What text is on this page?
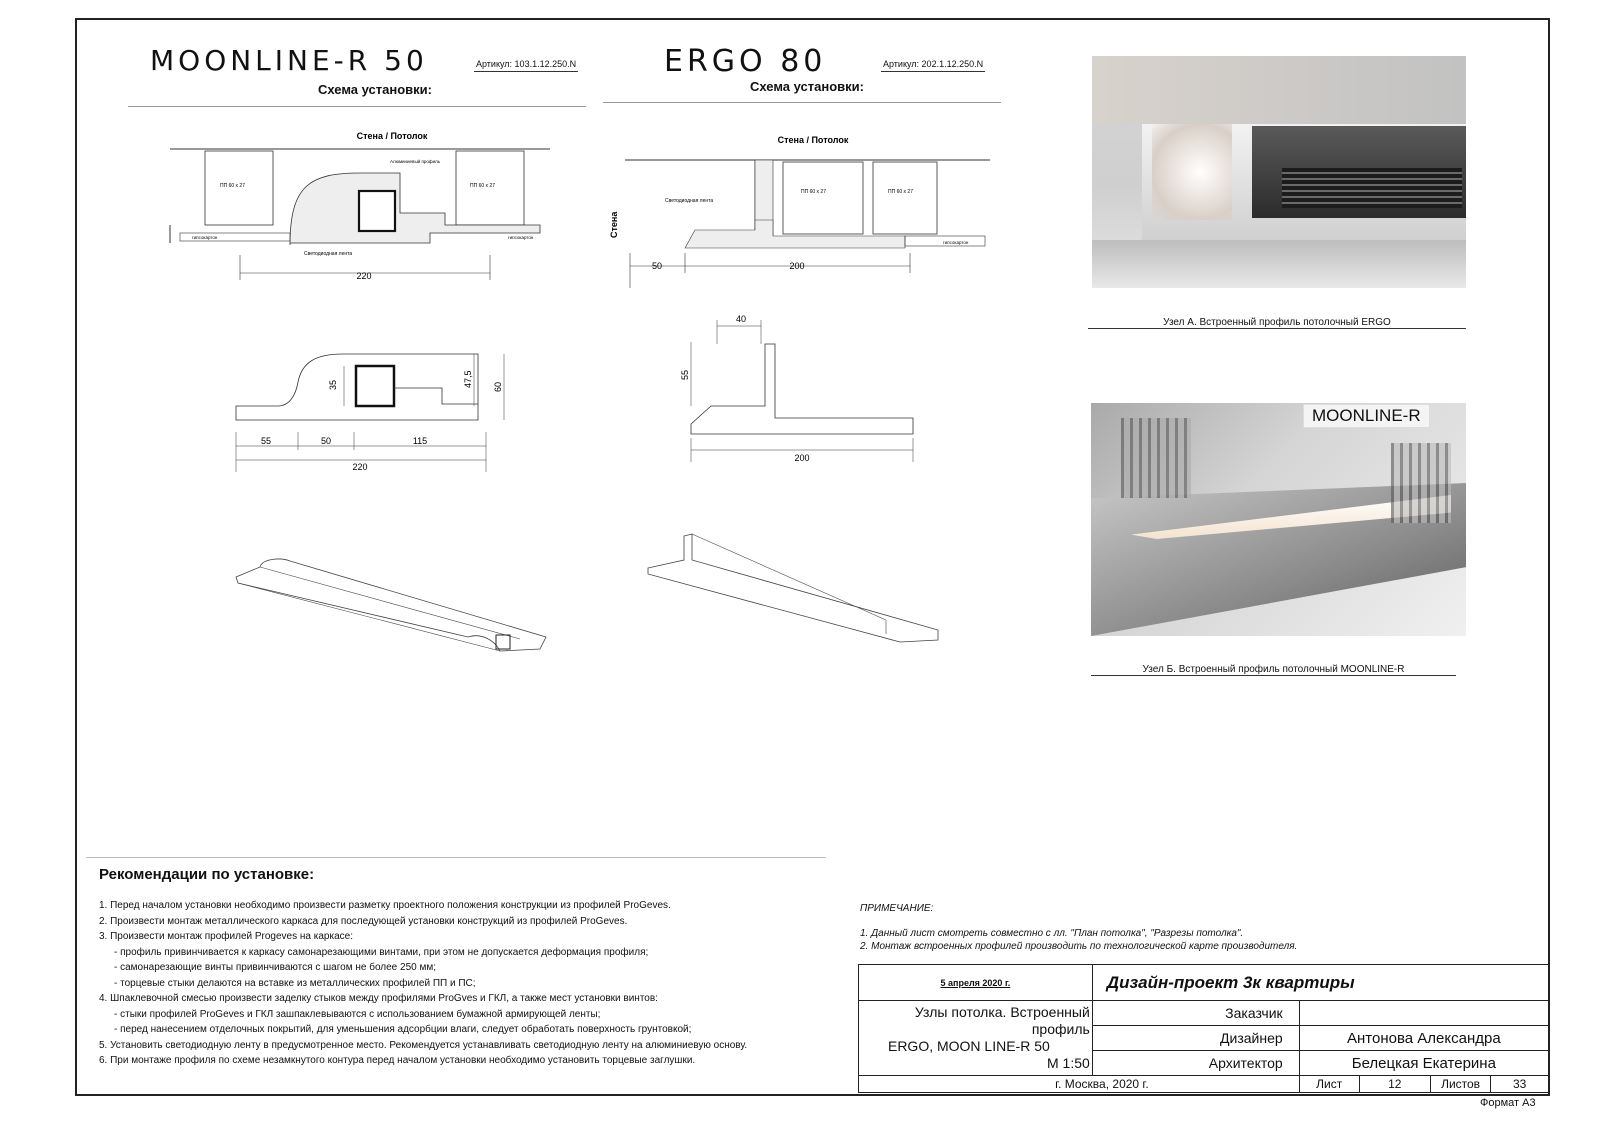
MOONLINE-R 50	Артикул: 103.1.12.250.N
Схема установки:
ERGO 80	Артикул: 202.1.12.250.N
Схема установки:
Стена / Потолок
ПП 60 х 27	ПП 60 х 27
Алюминиевый профиль
гипсокартон	гипсокартон
Светодиодная лента
220
Стена / Потолок
Стена
ПП 60 х 27	ПП 60 х 27
Светодиодная лента
гипсокартон
50	200
35	47,5 60
55	50	115
220
40
55
200
Узел А. Встроенный профиль потолочный ERGO
MOONLINE-R
Узел Б. Встроенный профиль потолочный MOONLINE-R
Рекомендации по установке:
1. Перед началом установки необходимо произвести разметку проектного положения конструкции из профилей ProGeves.
2. Произвести монтаж металлического каркаса для последующей установки конструкций из профилей ProGeves.
3. Произвести монтаж профилей Progeves на каркасе:
- профиль привинчивается к каркасу самонарезающими винтами, при этом не допускается деформация профиля;
- самонарезающие винты привинчиваются с шагом не более 250 мм;
- торцевые стыки делаются на вставке из металлических профилей ПП и ПС;
4. Шпаклевочной смесью произвести заделку стыков между профилями ProGves и ГКЛ, а также мест установки винтов:
- стыки профилей ProGeves и ГКЛ зашпаклевываются с использованием бумажной армирующей ленты;
- перед нанесением отделочных покрытий, для уменьшения адсорбции влаги, следует обработать поверхность грунтовкой;
5. Установить светодиодную ленту в предусмотренное место. Рекомендуется устанавливать светодиодную ленту на алюминиевую основу.
6. При монтаже профиля по схеме незамкнутого контура перед началом установки необходимо установить торцевые заглушки.
ПРИМЕЧАНИЕ:
1. Данный лист смотреть совместно с лл. "План потолка", "Разрезы потолка".
2. Монтаж встроенных профилей производить по технологической карте производителя.
5 апреля 2020 г.	Дизайн-проект 3к квартиры				

Узлы потолка. Встроенный профиль
ERGO, MOON LINE-R 50
М 1:50	Заказчик				
	Дизайнер	Антонова Александра			
	Архитектор	Белецкая Екатерина			
г. Москва, 2020 г.		Лист	12	Листов	33
Формат А3
